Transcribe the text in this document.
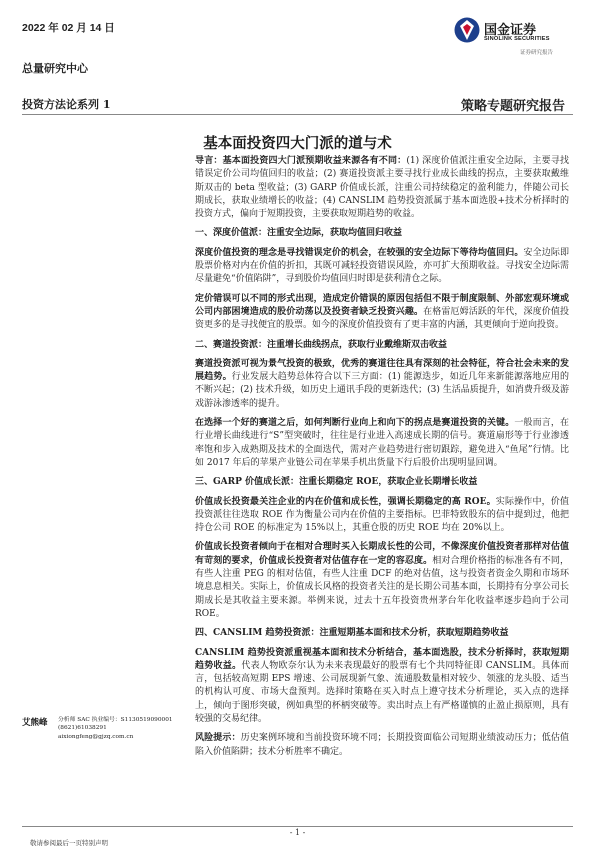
2022 年 02 月 14 日
总量研究中心
投资方法论系列 1	策略专题研究报告
国金证券
SINOLINK SECURITIES
证券研究报告
基本面投资四大门派的道与术

导言：基本面投资四大门派预期收益来源各有不同：(1) 深度价值派注重安全边际，主要寻找错误定价公司均值回归的收益；(2) 赛道投资派主要寻找行业成长曲线的拐点，主要获取戴维斯双击的 beta 型收益；(3) GARP 价值成长派，注重公司持续稳定的盈利能力，伴随公司长期成长，获取业绩增长的收益；(4) CANSLIM 趋势投资派属于基本面选股+技术分析择时的投资方式，偏向于短期投资，主要获取短期趋势的收益。

一、深度价值派：注重安全边际，获取均值回归收益

深度价值投资的理念是寻找错误定价的机会，在较强的安全边际下等待均值回归。安全边际即股票价格对内在价值的折扣，其既可减轻投资错误风险，亦可扩大预期收益。寻找安全边际需尽量避免“价值陷阱”，寻到股价均值回归时即是获利清仓之际。

定价错误可以不同的形式出现，造成定价错误的原因包括但不限于制度限制、外部宏观环境或公司内部困境造成的股价动荡以及投资者缺乏投资兴趣。在格雷厄姆活跃的年代，深度价值投资更多的是寻找便宜的股票。如今的深度价值投资有了更丰富的内涵，其更倾向于逆向投资。

二、赛道投资派：注重增长曲线拐点，获取行业戴维斯双击收益

赛道投资派可视为景气投资的极致，优秀的赛道往往具有深刻的社会特征，符合社会未来的发展趋势。行业发展大趋势总体符合以下三方面：(1) 能源迭步，如近几年来新能源落地应用的不断兴起；(2) 技术升级，如历史上通讯手段的更新迭代；(3) 生活品质提升，如消费升级及游戏游泳渗透率的提升。

在选择一个好的赛道之后，如何判断行业向上和向下的拐点是赛道投资的关键。一般而言，在行业增长曲线进行“S”型突破时，往往是行业进入高速成长期的信号。赛道扇形等于行业渗透率饱和步入成熟期及技术的全面迭代，需对产业趋势进行密切跟踪，避免进入“鱼尾”行情。比如 2017 年后的苹果产业链公司在苹果手机出货量下行后股价出现明显回调。

三、GARP 价值成长派：注重长期稳定 ROE，获取企业长期增长收益

价值成长投资最关注企业的内在价值和成长性，强调长期稳定的高 ROE。实际操作中，价值投资派往往选取 ROE 作为衡量公司内在价值的主要指标。巴菲特致股东的信中提到过，他把持仓公司 ROE 的标准定为 15%以上，其重仓股的历史 ROE 均在 20%以上。

价值成长投资者倾向于在相对合理时买入长期成长性的公司，不像深度价值投资者那样对估值有苛刻的要求，价值成长投资者对估值存在一定的容忍度。相对合理价格指的标准各有不同，有些人注重 PEG 的相对估值，有些人注重 DCF 的绝对估值，这与投资者资金久期和市场环境息息相关。实际上，价值成长风格的投资者关注的是长期公司基本面，长期持有分享公司长期成长是其收益主要来源。举例来说，过去十五年投资贵州茅台年化收益率逐步趋向于公司 ROE。

四、CANSLIM 趋势投资派：注重短期基本面和技术分析，获取短期趋势收益

CANSLIM 趋势投资派重视基本面和技术分析结合，基本面选股，技术分析择时，获取短期趋势收益。代表人物欧奈尔认为未来表现最好的股票有七个共同特征即 CANSLIM。具体而言，包括较高短期 EPS 增速、公司展现新气象、流通股数量相对较少、领涨的龙头股、适当的机构认可度、市场大盘预判。选择时策略在买入时点上遵守技术分析理论，买入点的选择上，倾向于图形突破，例如典型的杯柄突破等。卖出时点上有严格谨慎的止盈止损原则，具有较强的交易纪律。

风险提示：历史案例环境和当前投资环境不同；长期投资面临公司短期业绩波动压力；低估值陷入价值陷阱；技术分析胜率不确定。

艾熊峰 分析师 SAC 执业编号：S1130519090001
(8621)61038291
aixiongfeng@gjzq.com.cn
- 1 -
敬请参阅最后一页特别声明
